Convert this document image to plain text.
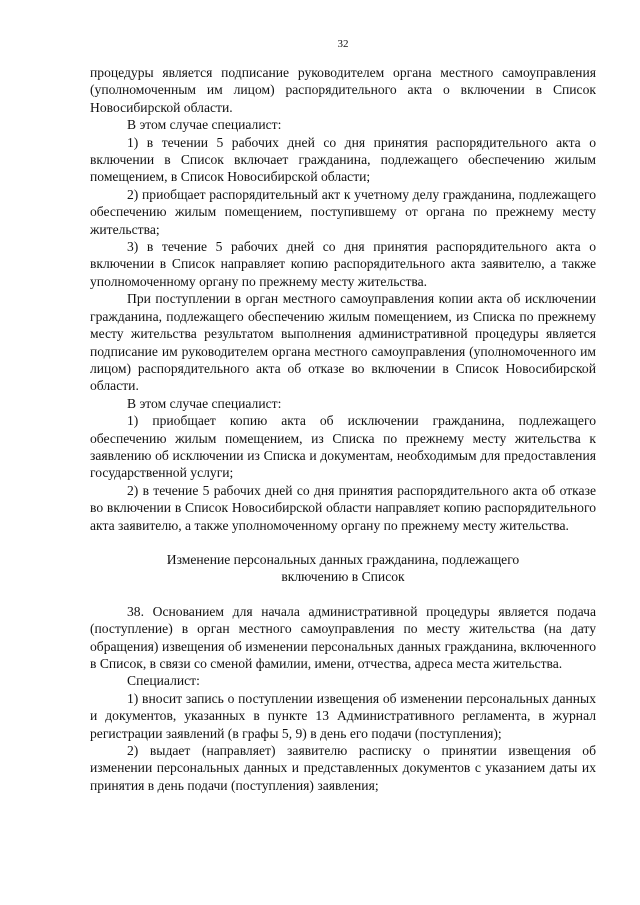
32

процедуры является подписание руководителем органа местного самоуправления (уполномоченным им лицом) распорядительного акта о включении в Список Новосибирской области.

В этом случае специалист:

1) в течении 5 рабочих дней со дня принятия распорядительного акта о включении в Список включает гражданина, подлежащего обеспечению жилым помещением, в Список Новосибирской области;

2) приобщает распорядительный акт к учетному делу гражданина, подлежащего обеспечению жилым помещением, поступившему от органа по прежнему месту жительства;

3) в течение 5 рабочих дней со дня принятия распорядительного акта о включении в Список направляет копию распорядительного акта заявителю, а также уполномоченному органу по прежнему месту жительства.

При поступлении в орган местного самоуправления копии акта об исключении гражданина, подлежащего обеспечению жилым помещением, из Списка по прежнему месту жительства результатом выполнения административной процедуры является подписание им руководителем органа местного самоуправления (уполномоченного им лицом) распорядительного акта об отказе во включении в Список Новосибирской области.

В этом случае специалист:

1) приобщает копию акта об исключении гражданина, подлежащего обеспечению жилым помещением, из Списка по прежнему месту жительства к заявлению об исключении из Списка и документам, необходимым для предоставления государственной услуги;

2) в течение 5 рабочих дней со дня принятия распорядительного акта об отказе во включении в Список Новосибирской области направляет копию распорядительного акта заявителю, а также уполномоченному органу по прежнему месту жительства.

Изменение персональных данных гражданина, подлежащего

включению в Список

38. Основанием для начала административной процедуры является подача (поступление) в орган местного самоуправления по месту жительства (на дату обращения) извещения об изменении персональных данных гражданина, включенного в Список, в связи со сменой фамилии, имени, отчества, адреса места жительства.

Специалист:

1) вносит запись о поступлении извещения об изменении персональных данных и документов, указанных в пункте 13 Административного регламента, в журнал регистрации заявлений (в графы 5, 9) в день его подачи (поступления);

2) выдает (направляет) заявителю расписку о принятии извещения об изменении персональных данных и представленных документов с указанием даты их принятия в день подачи (поступления) заявления;
